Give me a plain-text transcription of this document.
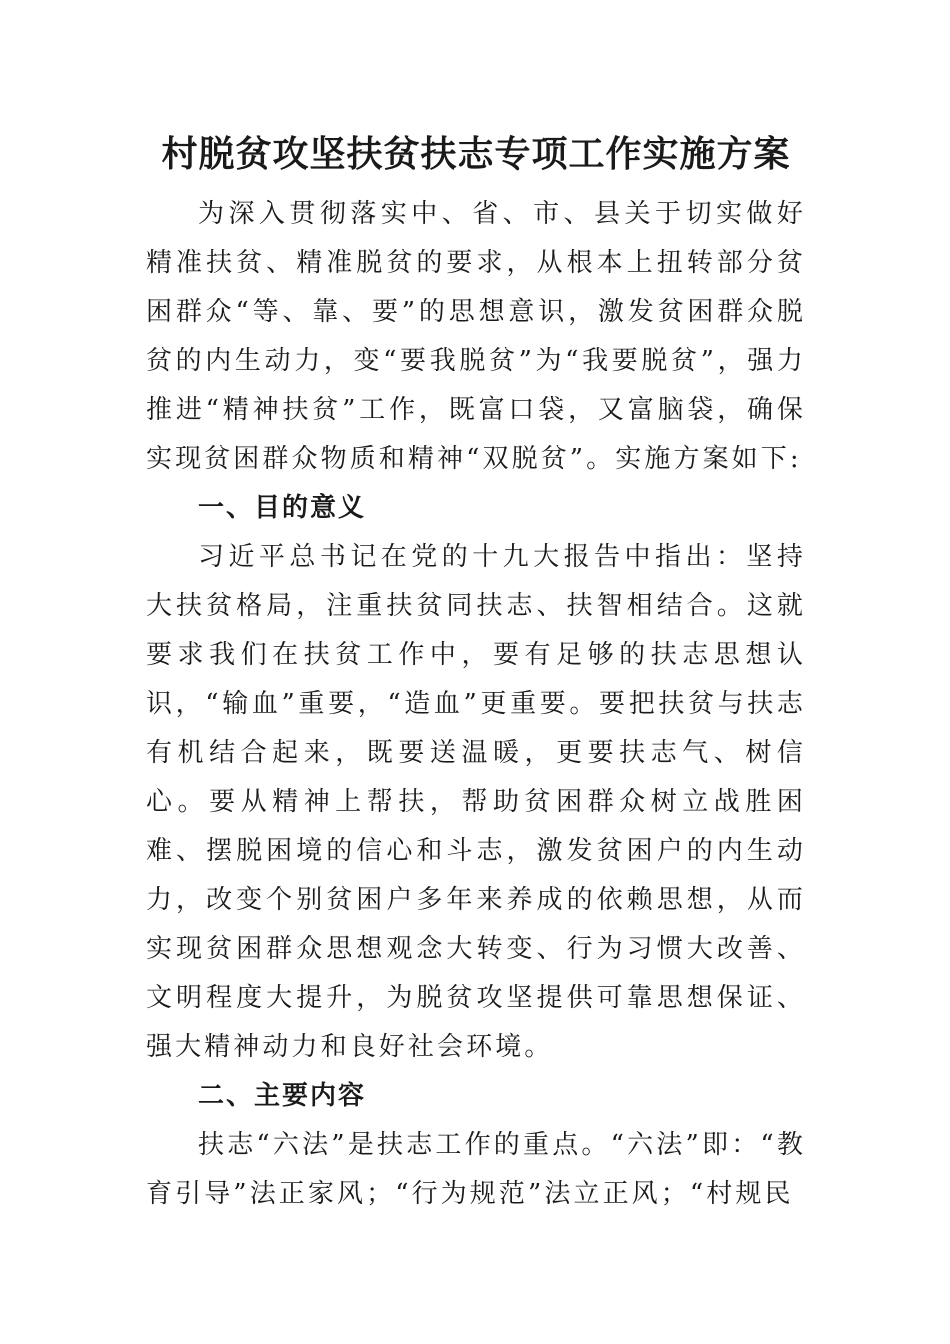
村脱贫攻坚扶贫扶志专项工作实施方案

为深入贯彻落实中、省、市、县关于切实做好精准扶贫、精准脱贫的要求，从根本上扭转部分贫困群众“等、靠、要”的思想意识，激发贫困群众脱贫的内生动力，变“要我脱贫”为“我要脱贫”，强力推进“精神扶贫”工作，既富口袋，又富脑袋，确保实现贫困群众物质和精神“双脱贫”。实施方案如下:

一、目的意义

习近平总书记在党的十九大报告中指出：坚持大扶贫格局，注重扶贫同扶志、扶智相结合。这就要求我们在扶贫工作中，要有足够的扶志思想认识，“输血”重要，“造血”更重要。要把扶贫与扶志有机结合起来，既要送温暖，更要扶志气、树信心。要从精神上帮扶，帮助贫困群众树立战胜困难、摆脱困境的信心和斗志，激发贫困户的内生动力，改变个别贫困户多年来养成的依赖思想，从而实现贫困群众思想观念大转变、行为习惯大改善、文明程度大提升，为脱贫攻坚提供可靠思想保证、强大精神动力和良好社会环境。

二、主要内容

扶志“六法”是扶志工作的重点。“六法”即：“教育引导”法正家风；“行为规范”法立正风；“村规民
